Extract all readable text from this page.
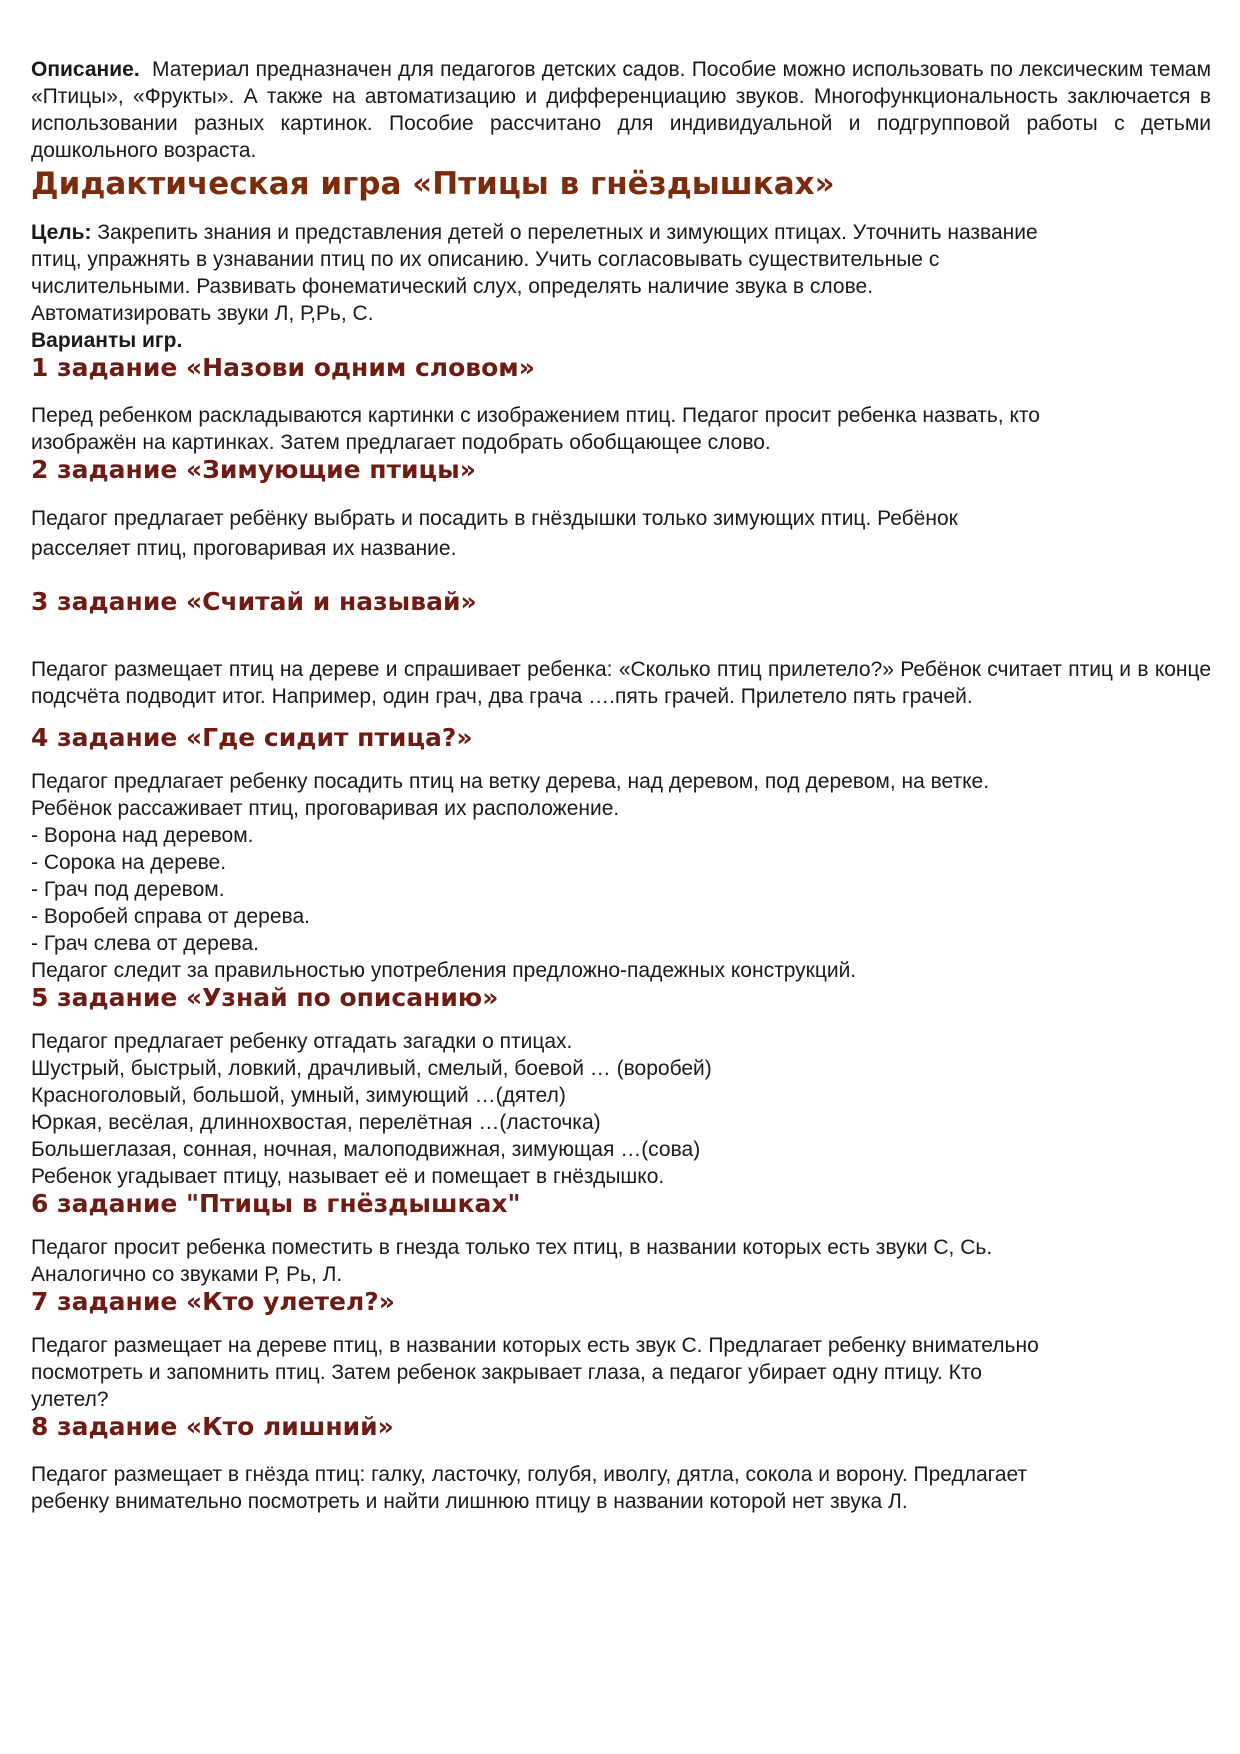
Описание. Материал предназначен для педагогов детских садов. Пособие можно использовать по лексическим темам «Птицы», «Фрукты». А также на автоматизацию и дифференциацию звуков. Многофункциональность заключается в использовании разных картинок. Пособие рассчитано для индивидуальной и подгрупповой работы с детьми дошкольного возраста.

Дидактическая игра «Птицы в гнёздышках»

Цель: Закрепить знания и представления детей о перелетных и зимующих птицах. Уточнить название

птиц, упражнять в узнавании птиц по их описанию. Учить согласовывать существительные с

числительными. Развивать фонематический слух, определять наличие звука в слове.

Автоматизировать звуки Л, Р,Рь, С.

Варианты игр.

1 задание «Назови одним словом»

Перед ребенком раскладываются картинки с изображением птиц. Педагог просит ребенка назвать, кто

изображён на картинках. Затем предлагает подобрать обобщающее слово.

2 задание «Зимующие птицы»

Педагог предлагает ребёнку выбрать и посадить в гнёздышки только зимующих птиц. Ребёнок

расселяет птиц, проговаривая их название.

3 задание «Считай и называй»

Педагог размещает птиц на дереве и спрашивает ребенка: «Сколько птиц прилетело?» Ребёнок считает птиц и в конце подсчёта подводит итог. Например, один грач, два грача ….пять грачей. Прилетело пять грачей.

4 задание «Где сидит птица?»

Педагог предлагает ребенку посадить птиц на ветку дерева, над деревом, под деревом, на ветке.

Ребёнок рассаживает птиц, проговаривая их расположение.

- Ворона над деревом.

- Сорока на дереве.

- Грач под деревом.

- Воробей справа от дерева.

- Грач слева от дерева.

Педагог следит за правильностью употребления предложно-падежных конструкций.

5 задание «Узнай по описанию»

Педагог предлагает ребенку отгадать загадки о птицах.

Шустрый, быстрый, ловкий, драчливый, смелый, боевой … (воробей)

Красноголовый, большой, умный, зимующий …(дятел)

Юркая, весёлая, длиннохвостая, перелётная …(ласточка)

Большеглазая, сонная, ночная, малоподвижная, зимующая …(сова)

Ребенок угадывает птицу, называет её и помещает в гнёздышко.

6 задание "Птицы в гнёздышках"

Педагог просит ребенка поместить в гнезда только тех птиц, в названии которых есть звуки С, Сь.

Аналогично со звуками Р, Рь, Л.

7 задание «Кто улетел?»

Педагог размещает на дереве птиц, в названии которых есть звук С. Предлагает ребенку внимательно

посмотреть и запомнить птиц. Затем ребенок закрывает глаза, а педагог убирает одну птицу. Кто

улетел?

8 задание «Кто лишний»

Педагог размещает в гнёзда птиц: галку, ласточку, голубя, иволгу, дятла, сокола и ворону. Предлагает

ребенку внимательно посмотреть и найти лишнюю птицу в названии которой нет звука Л.
